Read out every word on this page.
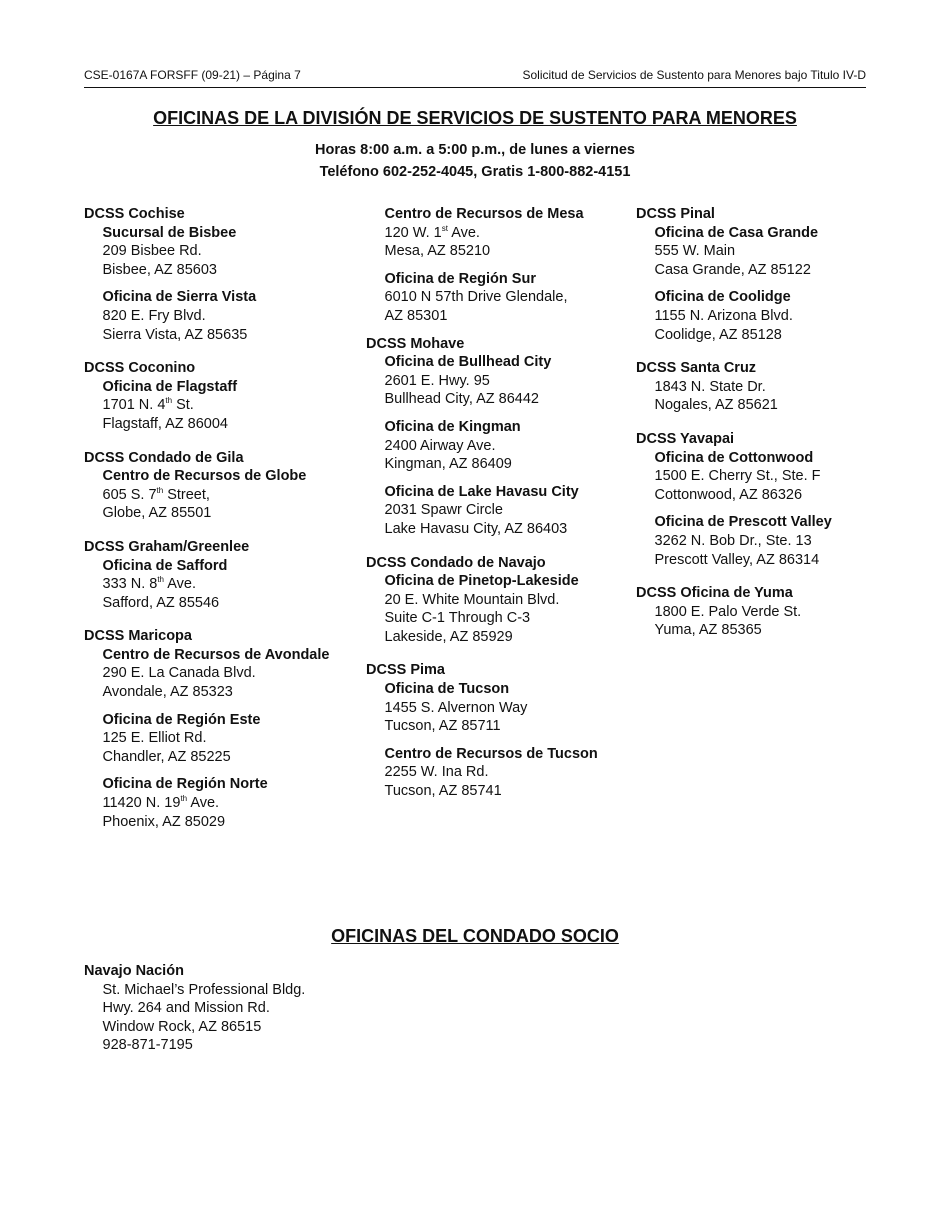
CSE-0167A FORSFF (09-21) – Página 7	Solicitud de Servicios de Sustento para Menores bajo Titulo IV-D
OFICINAS DE LA DIVISIÓN DE SERVICIOS DE SUSTENTO PARA MENORES
Horas 8:00 a.m. a 5:00 p.m., de lunes a viernes
Teléfono 602-252-4045, Gratis 1-800-882-4151
DCSS Cochise
Sucursal de Bisbee
209 Bisbee Rd.
Bisbee, AZ 85603
Oficina de Sierra Vista
820 E. Fry Blvd.
Sierra Vista, AZ 85635
DCSS Coconino
Oficina de Flagstaff
1701 N. 4th St.
Flagstaff, AZ 86004
DCSS Condado de Gila
Centro de Recursos de Globe
605 S. 7th Street,
Globe, AZ 85501
DCSS Graham/Greenlee
Oficina de Safford
333 N. 8th Ave.
Safford, AZ 85546
DCSS Maricopa
Centro de Recursos de Avondale
290 E. La Canada Blvd.
Avondale, AZ 85323
Oficina de Región Este
125 E. Elliot Rd.
Chandler, AZ 85225
Oficina de Región Norte
11420 N. 19th Ave.
Phoenix, AZ 85029
Centro de Recursos de Mesa
120 W. 1st Ave.
Mesa, AZ 85210
Oficina de Región Sur
6010 N 57th Drive Glendale,
AZ 85301
DCSS Mohave
Oficina de Bullhead City
2601 E. Hwy. 95
Bullhead City, AZ 86442
Oficina de Kingman
2400 Airway Ave.
Kingman, AZ 86409
Oficina de Lake Havasu City
2031 Spawr Circle
Lake Havasu City, AZ 86403
DCSS Condado de Navajo
Oficina de Pinetop-Lakeside
20 E. White Mountain Blvd.
Suite C-1 Through C-3
Lakeside, AZ 85929
DCSS Pima
Oficina de Tucson
1455 S. Alvernon Way
Tucson, AZ 85711
Centro de Recursos de Tucson
2255 W. Ina Rd.
Tucson, AZ 85741
DCSS Pinal
Oficina de Casa Grande
555 W. Main
Casa Grande, AZ 85122
Oficina de Coolidge
1155 N. Arizona Blvd.
Coolidge, AZ 85128
DCSS Santa Cruz
1843 N. State Dr.
Nogales, AZ 85621
DCSS Yavapai
Oficina de Cottonwood
1500 E. Cherry St., Ste. F
Cottonwood, AZ 86326
Oficina de Prescott Valley
3262 N. Bob Dr., Ste. 13
Prescott Valley, AZ 86314
DCSS Oficina de Yuma
1800 E. Palo Verde St.
Yuma, AZ 85365
OFICINAS DEL CONDADO SOCIO
Navajo Nación
St. Michael’s Professional Bldg.
Hwy. 264 and Mission Rd.
Window Rock, AZ 86515
928-871-7195
